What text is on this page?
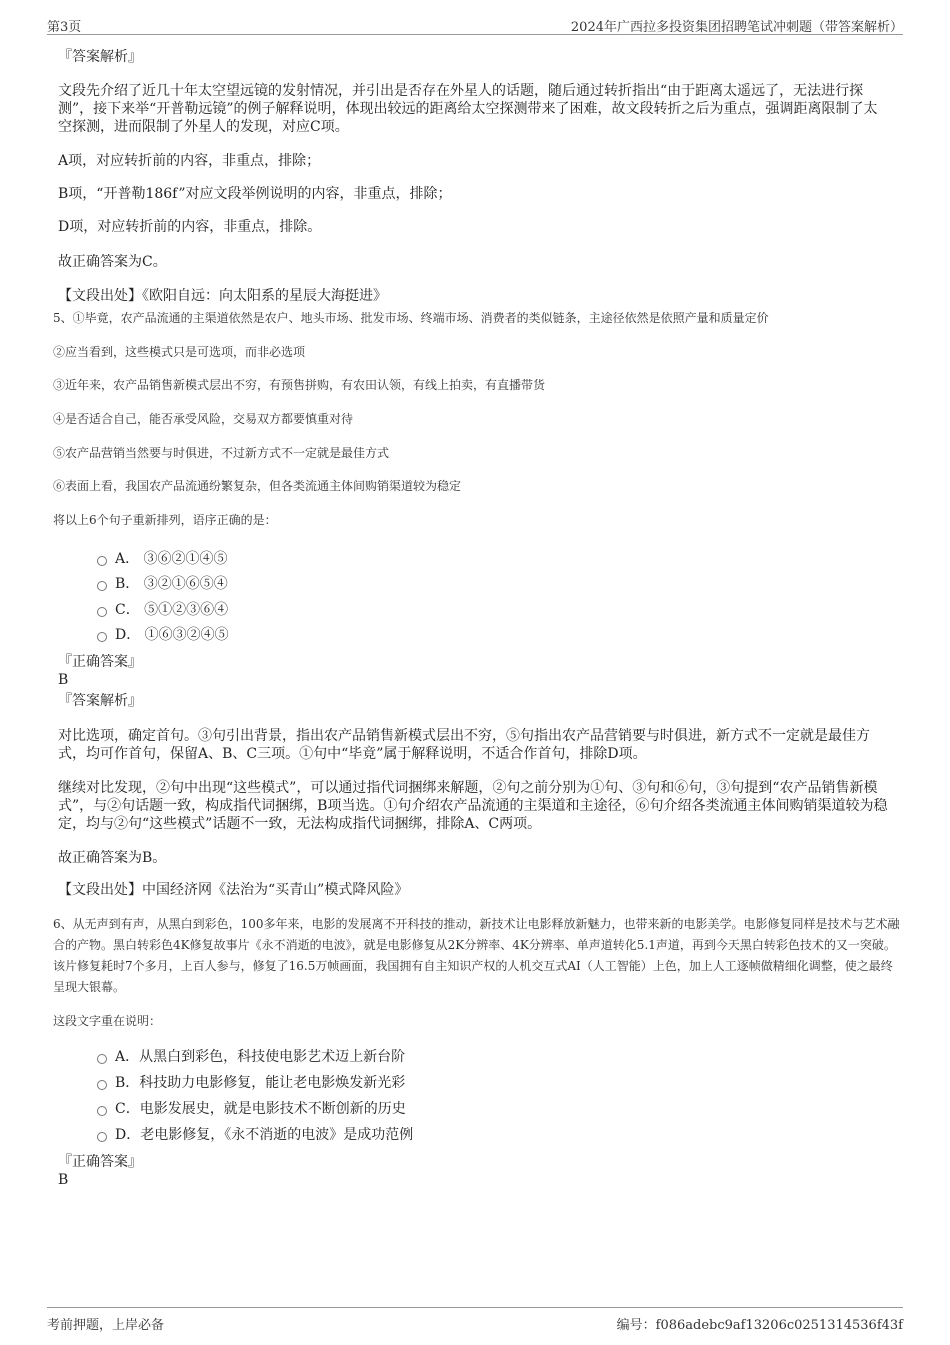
第3页	2024年广西拉多投资集团招聘笔试冲刺题（带答案解析）
『答案解析』
文段先介绍了近几十年太空望远镜的发射情况，并引出是否存在外星人的话题，随后通过转折指出“由于距离太遥远了，无法进行探测”，接下来举“开普勒远镜”的例子解释说明，体现出较远的距离给太空探测带来了困难，故文段转折之后为重点，强调距离限制了太空探测，进而限制了外星人的发现，对应C项。
A项，对应转折前的内容，非重点，排除；
B项，“开普勒186f”对应文段举例说明的内容，非重点，排除；
D项，对应转折前的内容，非重点，排除。
故正确答案为C。
【文段出处】《欧阳自远：向太阳系的星辰大海挺进》
5、①毕竟，农产品流通的主渠道依然是农户、地头市场、批发市场、终端市场、消费者的类似链条，主途径依然是依照产量和质量定价
②应当看到，这些模式只是可选项，而非必选项
③近年来，农产品销售新模式层出不穷，有预售拼购，有农田认领，有线上拍卖，有直播带货
④是否适合自己，能否承受风险，交易双方都要慎重对待
⑤农产品营销当然要与时俱进，不过新方式不一定就是最佳方式
⑥表面上看，我国农产品流通纷繁复杂，但各类流通主体间购销渠道较为稳定
将以上6个句子重新排列，语序正确的是：
A． ③⑥②①④⑤
B． ③②①⑥⑤④
C． ⑤①②③⑥④
D． ①⑥③②④⑤
『正确答案』
B
『答案解析』
对比选项，确定首句。③句引出背景，指出农产品销售新模式层出不穷，⑤句指出农产品营销要与时俱进，新方式不一定就是最佳方式，均可作首句，保留A、B、C三项。①句中“毕竟”属于解释说明，不适合作首句，排除D项。
继续对比发现，②句中出现“这些模式”，可以通过指代词捆绑来解题，②句之前分别为①句、③句和⑥句，③句提到“农产品销售新模式”，与②句话题一致，构成指代词捆绑，B项当选。①句介绍农产品流通的主渠道和主途径，⑥句介绍各类流通主体间购销渠道较为稳定，均与②句“这些模式”话题不一致，无法构成指代词捆绑，排除A、C两项。
故正确答案为B。
【文段出处】中国经济网《法治为“买青山”模式降风险》
6、从无声到有声，从黑白到彩色，100多年来，电影的发展离不开科技的推动，新技术让电影释放新魅力，也带来新的电影美学。电影修复同样是技术与艺术融合的产物。黑白转彩色4K修复故事片《永不消逝的电波》，就是电影修复从2K分辨率、4K分辨率、单声道转化5.1声道，再到今天黑白转彩色技术的又一突破。该片修复耗时7个多月，上百人参与，修复了16.5万帧画面，我国拥有自主知识产权的人机交互式AI（人工智能）上色，加上人工逐帧做精细化调整，使之最终呈现大银幕。
这段文字重在说明：
A．从黑白到彩色，科技使电影艺术迈上新台阶
B．科技助力电影修复，能让老电影焕发新光彩
C．电影发展史，就是电影技术不断创新的历史
D．老电影修复，《永不消逝的电波》是成功范例
『正确答案』
B
考前押题，上岸必备	编号：f086adebc9af13206c0251314536f43f
